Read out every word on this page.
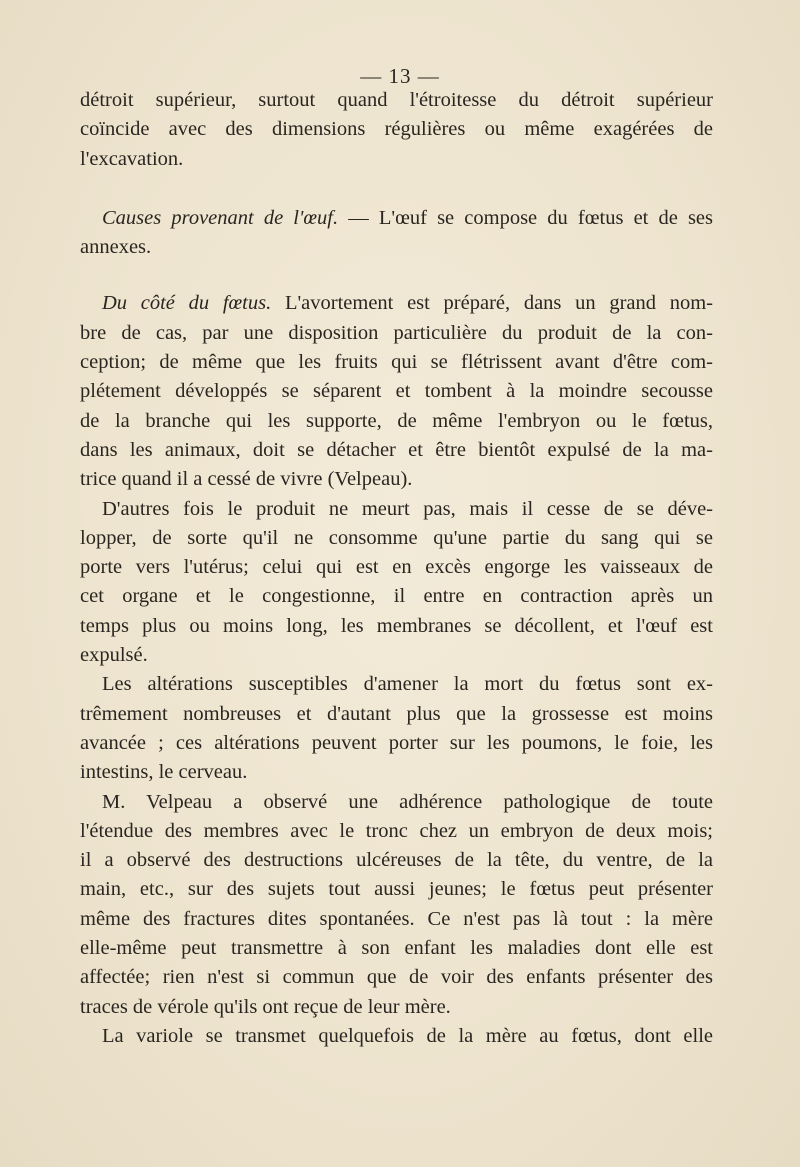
— 13 —
détroit supérieur, surtout quand l'étroitesse du détroit supérieur
coïncide avec des dimensions régulières ou même exagérées de
l'excavation.
Causes provenant de l'œuf. — L'œuf se compose du fœtus et de ses
annexes.
Du côté du fœtus. L'avortement est préparé, dans un grand nom-
bre de cas, par une disposition particulière du produit de la con-
ception; de même que les fruits qui se flétrissent avant d'être com-
plétement développés se séparent et tombent à la moindre secousse
de la branche qui les supporte, de même l'embryon ou le fœtus,
dans les animaux, doit se détacher et être bientôt expulsé de la ma-
trice quand il a cessé de vivre (Velpeau).
D'autres fois le produit ne meurt pas, mais il cesse de se déve-
lopper, de sorte qu'il ne consomme qu'une partie du sang qui se
porte vers l'utérus; celui qui est en excès engorge les vaisseaux de
cet organe et le congestionne, il entre en contraction après un
temps plus ou moins long, les membranes se décollent, et l'œuf est
expulsé.
Les altérations susceptibles d'amener la mort du fœtus sont ex-
trêmement nombreuses et d'autant plus que la grossesse est moins
avancée ; ces altérations peuvent porter sur les poumons, le foie, les
intestins, le cerveau.
M. Velpeau a observé une adhérence pathologique de toute
l'étendue des membres avec le tronc chez un embryon de deux mois;
il a observé des destructions ulcéreuses de la tête, du ventre, de la
main, etc., sur des sujets tout aussi jeunes; le fœtus peut présenter
même des fractures dites spontanées. Ce n'est pas là tout : la mère
elle-même peut transmettre à son enfant les maladies dont elle est
affectée; rien n'est si commun que de voir des enfants présenter des
traces de vérole qu'ils ont reçue de leur mère.
La variole se transmet quelquefois de la mère au fœtus, dont elle
